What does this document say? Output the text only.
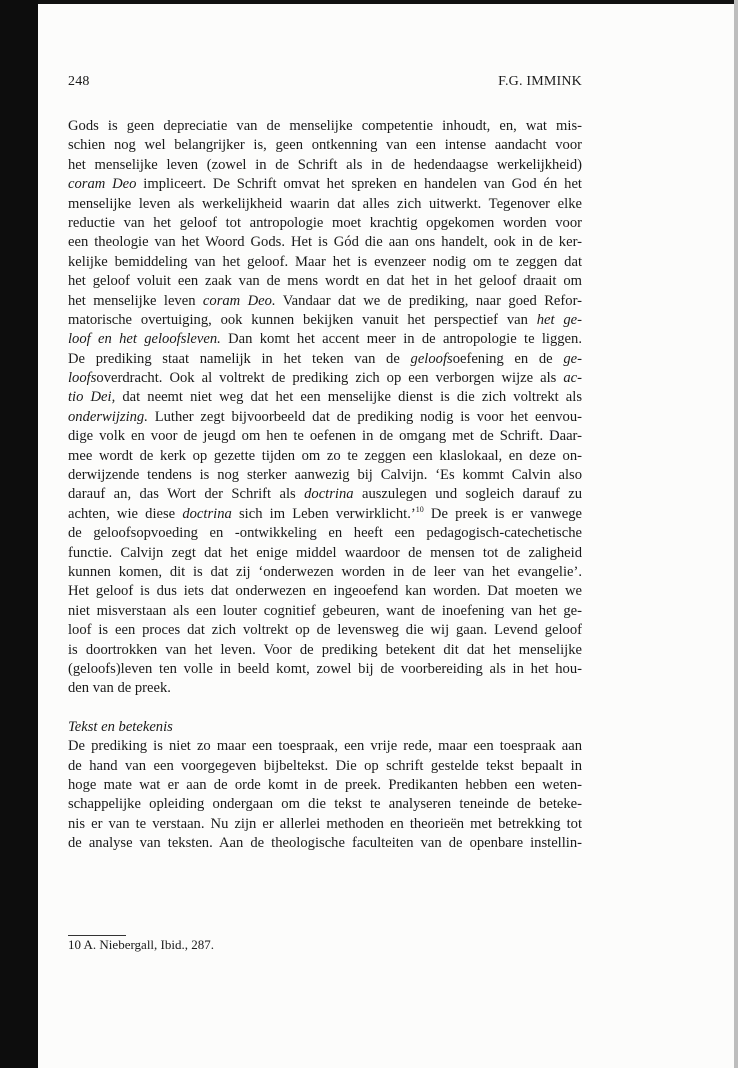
248	F.G. IMMINK
Gods is geen depreciatie van de menselijke competentie inhoudt, en, wat mis-
schien nog wel belangrijker is, geen ontkenning van een intense aandacht voor
het menselijke leven (zowel in de Schrift als in de hedendaagse werkelijkheid)
coram Deo impliceert. De Schrift omvat het spreken en handelen van God én het
menselijke leven als werkelijkheid waarin dat alles zich uitwerkt. Tegenover elke
reductie van het geloof tot antropologie moet krachtig opgekomen worden voor
een theologie van het Woord Gods. Het is Gód die aan ons handelt, ook in de ker-
kelijke bemiddeling van het geloof. Maar het is evenzeer nodig om te zeggen dat
het geloof voluit een zaak van de mens wordt en dat het in het geloof draait om
het menselijke leven coram Deo. Vandaar dat we de prediking, naar goed Refor-
matorische overtuiging, ook kunnen bekijken vanuit het perspectief van het ge-
loof en het geloofsleven. Dan komt het accent meer in de antropologie te liggen.
De prediking staat namelijk in het teken van de geloofsoefening en de ge-
loofsoverdracht. Ook al voltrekt de prediking zich op een verborgen wijze als ac-
tio Dei, dat neemt niet weg dat het een menselijke dienst is die zich voltrekt als
onderwijzing. Luther zegt bijvoorbeeld dat de prediking nodig is voor het eenvou-
dige volk en voor de jeugd om hen te oefenen in de omgang met de Schrift. Daar-
mee wordt de kerk op gezette tijden om zo te zeggen een klaslokaal, en deze on-
derwijzende tendens is nog sterker aanwezig bij Calvijn. ‘Es kommt Calvin also
darauf an, das Wort der Schrift als doctrina auszulegen und sogleich darauf zu
achten, wie diese doctrina sich im Leben verwirklicht.’$^{10}$ De preek is er vanwege
de geloofsopvoeding en -ontwikkeling en heeft een pedagogisch-catechetische
functie. Calvijn zegt dat het enige middel waardoor de mensen tot de zaligheid
kunnen komen, dit is dat zij ‘onderwezen worden in de leer van het evangelie’.
Het geloof is dus iets dat onderwezen en ingeoefend kan worden. Dat moeten we
niet misverstaan als een louter cognitief gebeuren, want de inoefening van het ge-
loof is een proces dat zich voltrekt op de levensweg die wij gaan. Levend geloof
is doortrokken van het leven. Voor de prediking betekent dit dat het menselijke
(geloofs)leven ten volle in beeld komt, zowel bij de voorbereiding als in het hou-
den van de preek.
Tekst en betekenis
De prediking is niet zo maar een toespraak, een vrije rede, maar een toespraak aan
de hand van een voorgegeven bijbeltekst. Die op schrift gestelde tekst bepaalt in
hoge mate wat er aan de orde komt in de preek. Predikanten hebben een weten-
schappelijke opleiding ondergaan om die tekst te analyseren teneinde de beteke-
nis er van te verstaan. Nu zijn er allerlei methoden en theorieën met betrekking tot
de analyse van teksten. Aan de theologische faculteiten van de openbare instellin-
10 A. Niebergall, Ibid., 287.
